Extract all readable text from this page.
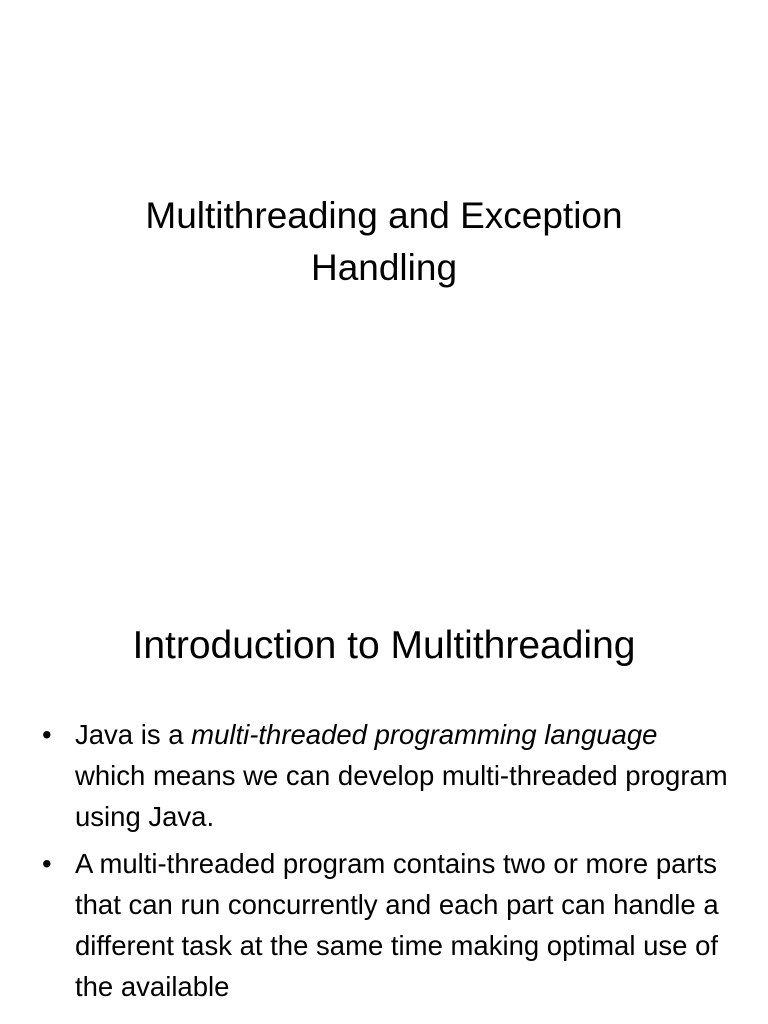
Multithreading and Exception
Handling
Introduction to Multithreading
• Java is a multi-threaded programming language which means we can develop multi-threaded program using Java.
• A multi-threaded program contains two or more parts that can run concurrently and each part can handle a different task at the same time making optimal use of the available
